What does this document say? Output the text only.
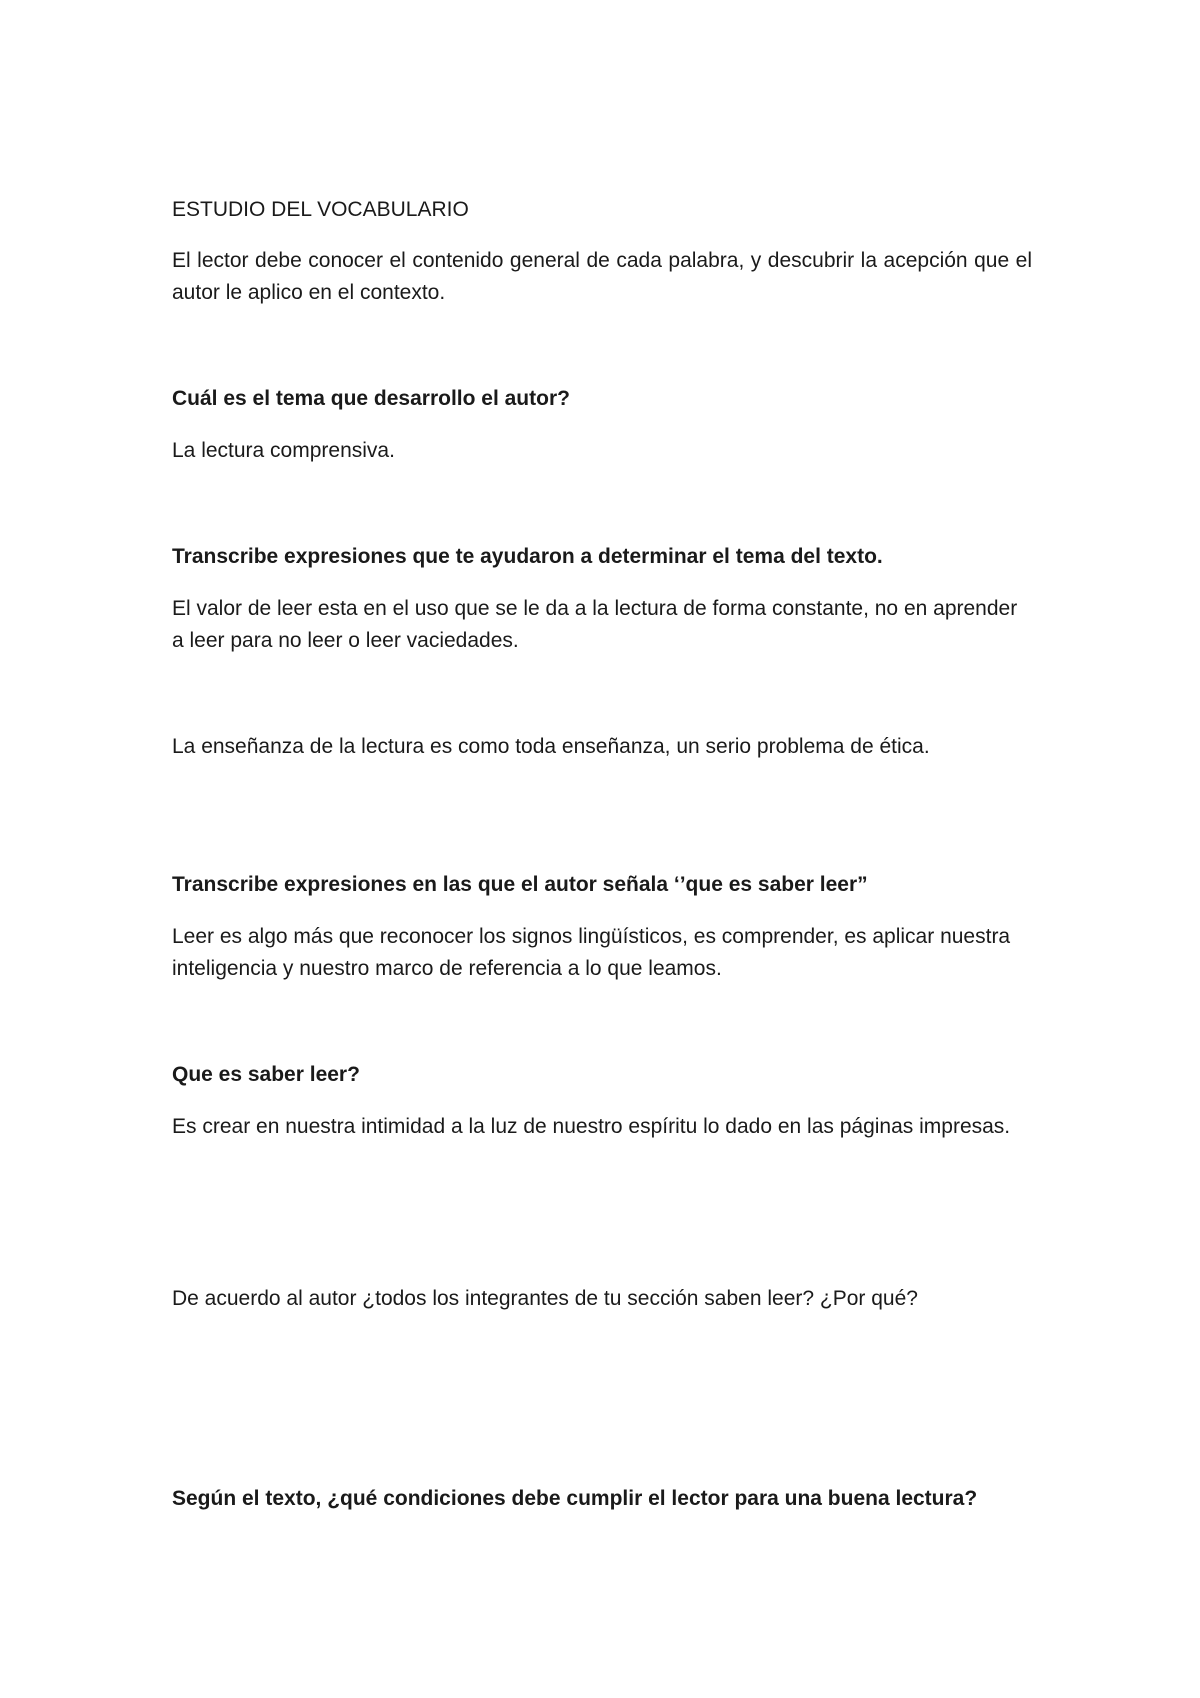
ESTUDIO DEL VOCABULARIO

El lector debe conocer el contenido general de cada palabra, y descubrir la acepción que el autor le aplico en el contexto.

Cuál es el tema que desarrollo el autor?

La lectura comprensiva.

Transcribe expresiones que te ayudaron a determinar el tema del texto.

El valor de leer esta en el uso que se le da a la lectura de forma constante, no en aprender a leer para no leer o leer vaciedades.

La enseñanza de la lectura es como toda enseñanza, un serio problema de ética.

Transcribe expresiones en las que el autor señala ‘’que es saber leer”

Leer es algo más que reconocer los signos lingüísticos, es comprender, es aplicar nuestra inteligencia y nuestro marco de referencia a lo que leamos.

Que es saber leer?

Es crear en nuestra intimidad a la luz de nuestro espíritu lo dado en las páginas impresas.

De acuerdo al autor ¿todos los integrantes de tu sección saben leer? ¿Por qué?

Según el texto, ¿qué condiciones debe cumplir el lector para una buena lectura?
